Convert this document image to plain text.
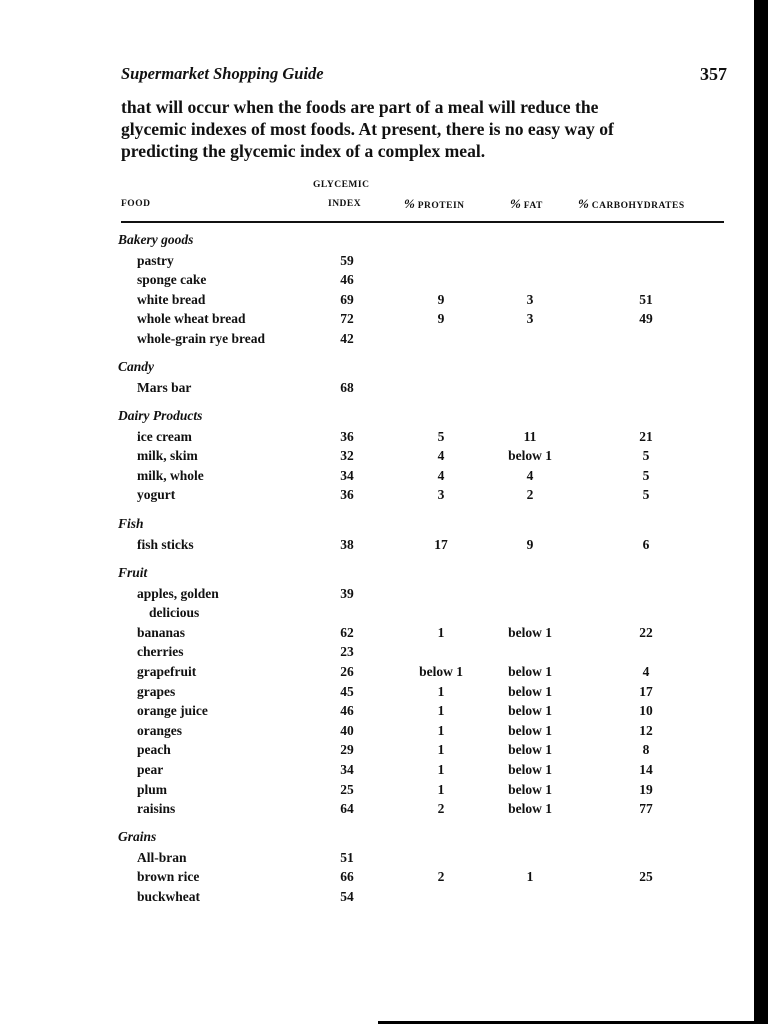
Supermarket Shopping Guide	357
that will occur when the foods are part of a meal will reduce the
glycemic indexes of most foods. At present, there is no easy way of
predicting the glycemic index of a complex meal.
FOOD
GLYCEMIC
INDEX	% PROTEIN	% FAT	% CARBOHYDRATES
Bakery goods
pastry	59
sponge cake	46
white bread	69	9	3	51
whole wheat bread	72	9	3	49
whole-grain rye bread	42
Candy
Mars bar	68
Dairy Products
ice cream	36	5	11	21
milk, skim	32	4	below 1	5
milk, whole	34	4	4	5
yogurt	36	3	2	5
Fish
fish sticks	38	17	9	6
Fruit
apples, golden	39
delicious
bananas	62	1	below 1	22
cherries	23
grapefruit	26	below 1	below 1	4
grapes	45	1	below 1	17
orange juice	46	1	below 1	10
oranges	40	1	below 1	12
peach	29	1	below 1	8
pear	34	1	below 1	14
plum	25	1	below 1	19
raisins	64	2	below 1	77
Grains
All-bran	51
brown rice	66	2	1	25
buckwheat	54
